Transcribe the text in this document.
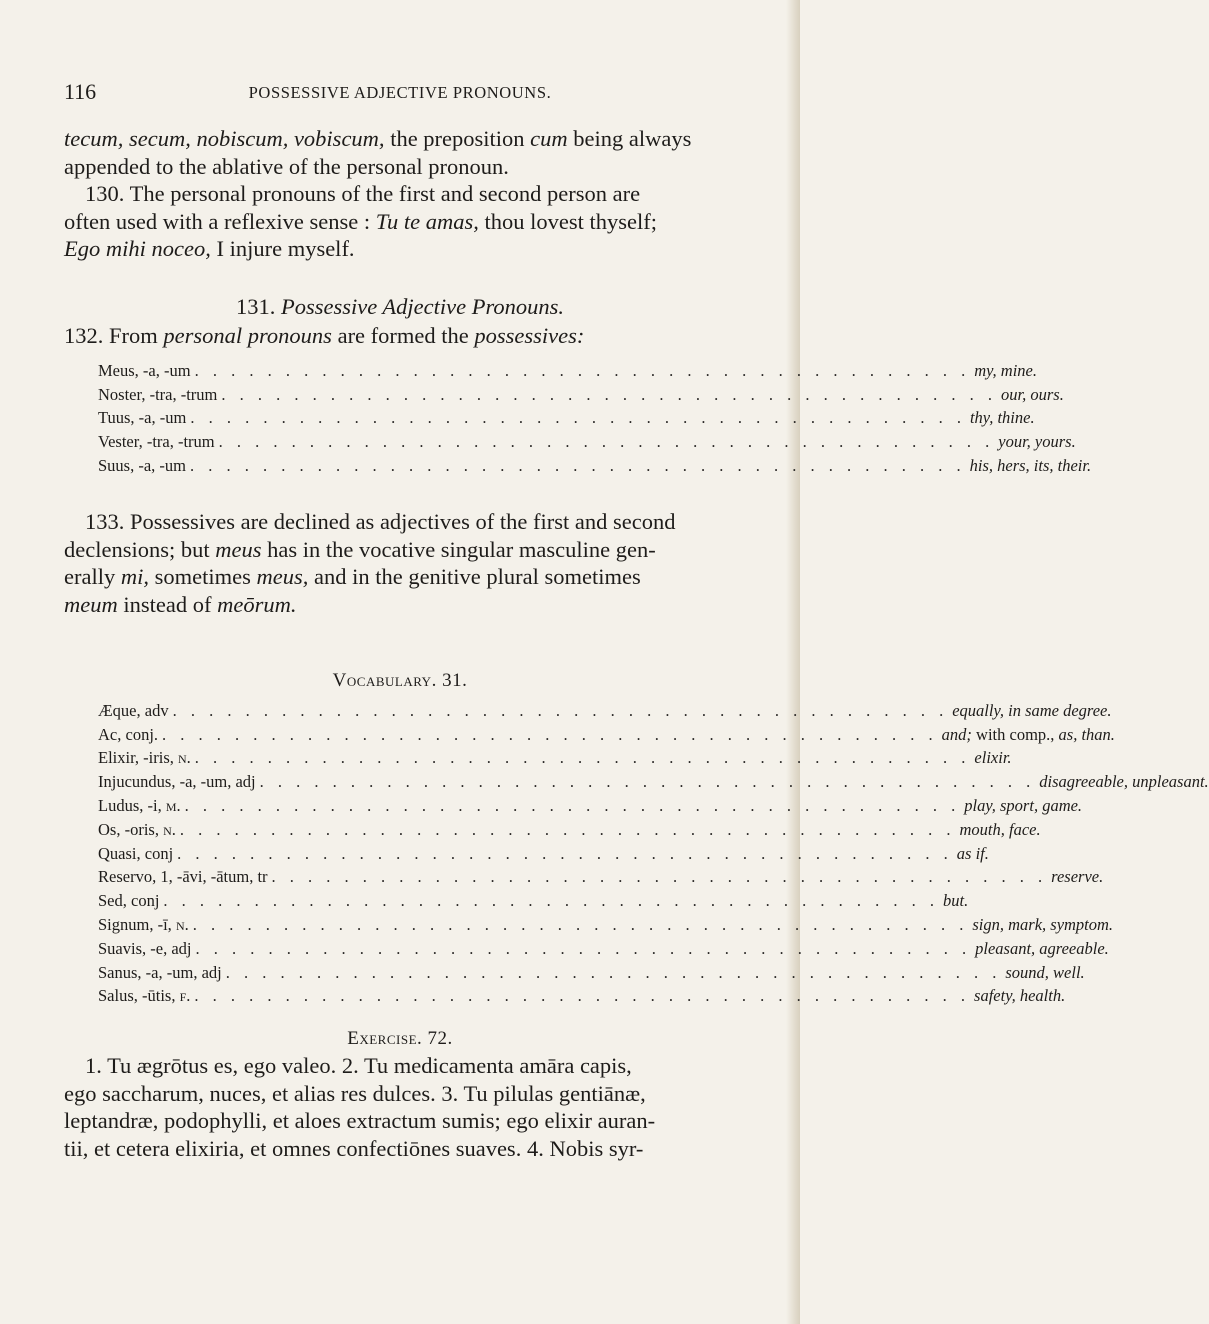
116	POSSESSIVE ADJECTIVE PRONOUNS.

tecum, secum, nobiscum, vobiscum, the preposition cum being always
appended to the ablative of the personal pronoun.

130. The personal pronouns of the first and second person are
often used with a reflexive sense : Tu te amas, thou lovest thyself;
Ego mihi noceo, I injure myself.

131. Possessive Adjective Pronouns.
132. From personal pronouns are formed the possessives:
Meus, -a, -um . . . . . . . . . . . . . . . . . . . . . . . . . . . . . . . . . . . . . . . . . . . my, mine.
Noster, -tra, -trum . . . . . . . . . . . . . . . . . . . . . . . . . . . . . . . . . . . . . . . . . . . our, ours.
Tuus, -a, -um . . . . . . . . . . . . . . . . . . . . . . . . . . . . . . . . . . . . . . . . . . . thy, thine.
Vester, -tra, -trum . . . . . . . . . . . . . . . . . . . . . . . . . . . . . . . . . . . . . . . . . . . your, yours.
Suus, -a, -um . . . . . . . . . . . . . . . . . . . . . . . . . . . . . . . . . . . . . . . . . . . his, hers, its, their.

133. Possessives are declined as adjectives of the first and second
declensions; but meus has in the vocative singular masculine gen-
erally mi, sometimes meus, and in the genitive plural sometimes
meum instead of meōrum.

Vocabulary. 31.
Æque, adv . . . . . . . . . . . . . . . . . . . . . . . . . . . . . . . . . . . . . . . . . . . equally, in same degree.
Ac, conj. . . . . . . . . . . . . . . . . . . . . . . . . . . . . . . . . . . . . . . . . . . . and; with comp., as, than.
Elixir, -iris, n. . . . . . . . . . . . . . . . . . . . . . . . . . . . . . . . . . . . . . . . . . . . elixir.
Injucundus, -a, -um, adj . . . . . . . . . . . . . . . . . . . . . . . . . . . . . . . . . . . . . . . . . . . disagreeable, unpleasant.
Ludus, -i, m. . . . . . . . . . . . . . . . . . . . . . . . . . . . . . . . . . . . . . . . . . . . play, sport, game.
Os, -oris, n. . . . . . . . . . . . . . . . . . . . . . . . . . . . . . . . . . . . . . . . . . . . mouth, face.
Quasi, conj . . . . . . . . . . . . . . . . . . . . . . . . . . . . . . . . . . . . . . . . . . . as if.
Reservo, 1, -āvi, -ātum, tr . . . . . . . . . . . . . . . . . . . . . . . . . . . . . . . . . . . . . . . . . . . reserve.
Sed, conj . . . . . . . . . . . . . . . . . . . . . . . . . . . . . . . . . . . . . . . . . . . but.
Signum, -ī, n. . . . . . . . . . . . . . . . . . . . . . . . . . . . . . . . . . . . . . . . . . . . sign, mark, symptom.
Suavis, -e, adj . . . . . . . . . . . . . . . . . . . . . . . . . . . . . . . . . . . . . . . . . . . pleasant, agreeable.
Sanus, -a, -um, adj . . . . . . . . . . . . . . . . . . . . . . . . . . . . . . . . . . . . . . . . . . . sound, well.
Salus, -ūtis, f. . . . . . . . . . . . . . . . . . . . . . . . . . . . . . . . . . . . . . . . . . . . safety, health.
Exercise. 72.

1. Tu ægrōtus es, ego valeo. 2. Tu medicamenta amāra capis,
ego saccharum, nuces, et alias res dulces. 3. Tu pilulas gentiānæ,
leptandræ, podophylli, et aloes extractum sumis; ego elixir auran-
tii, et cetera elixiria, et omnes confectiōnes suaves. 4. Nobis syr-
